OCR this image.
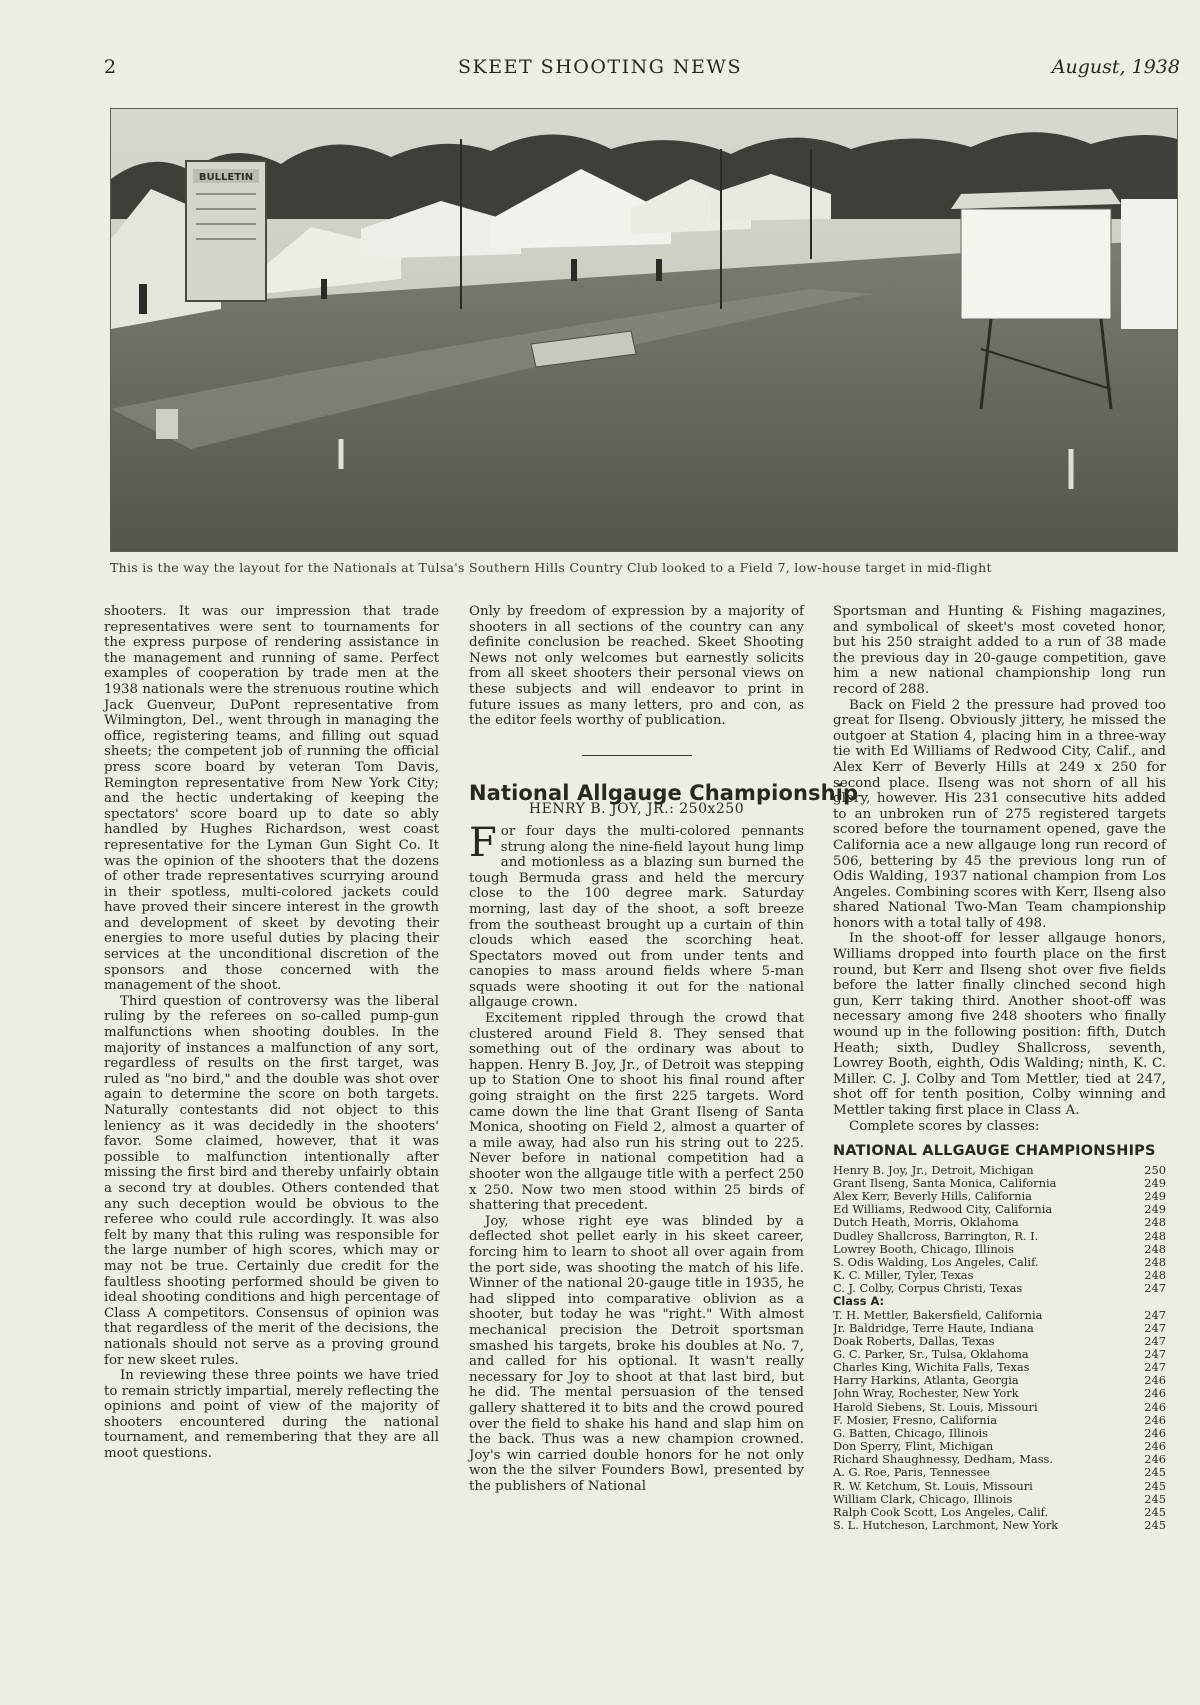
2	SKEET SHOOTING NEWS	August, 1938
BULLETIN
This is the way the layout for the Nationals at Tulsa's Southern Hills Country Club looked to a Field 7, low-house target in mid-flight

shooters. It was our impression that trade representatives were sent to tournaments for the express purpose of rendering assistance in the management and running of same. Perfect examples of cooperation by trade men at the 1938 nationals were the strenuous routine which Jack Guenveur, DuPont representative from Wilmington, Del., went through in managing the office, registering teams, and filling out squad sheets; the competent job of running the official press score board by veteran Tom Davis, Remington representative from New York City; and the hectic undertaking of keeping the spectators' score board up to date so ably handled by Hughes Richardson, west coast representative for the Lyman Gun Sight Co. It was the opinion of the shooters that the dozens of other trade representatives scurrying around in their spotless, multi-colored jackets could have proved their sincere interest in the growth and development of skeet by devoting their energies to more useful duties by placing their services at the unconditional discretion of the sponsors and those concerned with the management of the shoot.

Third question of controversy was the liberal ruling by the referees on so-called pump-gun malfunctions when shooting doubles. In the majority of instances a malfunction of any sort, regardless of results on the first target, was ruled as "no bird," and the double was shot over again to determine the score on both targets. Naturally contestants did not object to this leniency as it was decidedly in the shooters' favor. Some claimed, however, that it was possible to malfunction intentionally after missing the first bird and thereby unfairly obtain a second try at doubles. Others contended that any such deception would be obvious to the referee who could rule accordingly. It was also felt by many that this ruling was responsible for the large number of high scores, which may or may not be true. Certainly due credit for the faultless shooting performed should be given to ideal shooting conditions and high percentage of Class A competitors. Consensus of opinion was that regardless of the merit of the decisions, the nationals should not serve as a proving ground for new skeet rules.

In reviewing these three points we have tried to remain strictly impartial, merely reflecting the opinions and point of view of the majority of shooters encountered during the national tournament, and remembering that they are all moot questions.

Only by freedom of expression by a majority of shooters in all sections of the country can any definite conclusion be reached. Skeet Shooting News not only welcomes but earnestly solicits from all skeet shooters their personal views on these subjects and will endeavor to print in future issues as many letters, pro and con, as the editor feels worthy of publication.

National Allgauge Championship
HENRY B. JOY, JR.: 250x250

For four days the multi-colored pennants strung along the nine-field layout hung limp and motionless as a blazing sun burned the tough Bermuda grass and held the mercury close to the 100 degree mark. Saturday morning, last day of the shoot, a soft breeze from the southeast brought up a curtain of thin clouds which eased the scorching heat. Spectators moved out from under tents and canopies to mass around fields where 5-man squads were shooting it out for the national allgauge crown.

Excitement rippled through the crowd that clustered around Field 8. They sensed that something out of the ordinary was about to happen. Henry B. Joy, Jr., of Detroit was stepping up to Station One to shoot his final round after going straight on the first 225 targets. Word came down the line that Grant Ilseng of Santa Monica, shooting on Field 2, almost a quarter of a mile away, had also run his string out to 225. Never before in national competition had a shooter won the allgauge title with a perfect 250 x 250. Now two men stood within 25 birds of shattering that precedent.

Joy, whose right eye was blinded by a deflected shot pellet early in his skeet career, forcing him to learn to shoot all over again from the port side, was shooting the match of his life. Winner of the national 20-gauge title in 1935, he had slipped into comparative oblivion as a shooter, but today he was "right." With almost mechanical precision the Detroit sportsman smashed his targets, broke his doubles at No. 7, and called for his optional. It wasn't really necessary for Joy to shoot at that last bird, but he did. The mental persuasion of the tensed gallery shattered it to bits and the crowd poured over the field to shake his hand and slap him on the back. Thus was a new champion crowned. Joy's win carried double honors for he not only won the the silver Founders Bowl, presented by the publishers of National

Sportsman and Hunting & Fishing magazines, and symbolical of skeet's most coveted honor, but his 250 straight added to a run of 38 made the previous day in 20-gauge competition, gave him a new national championship long run record of 288.

Back on Field 2 the pressure had proved too great for Ilseng. Obviously jittery, he missed the outgoer at Station 4, placing him in a three-way tie with Ed Williams of Redwood City, Calif., and Alex Kerr of Beverly Hills at 249 x 250 for second place. Ilseng was not shorn of all his glory, however. His 231 consecutive hits added to an unbroken run of 275 registered targets scored before the tournament opened, gave the California ace a new allgauge long run record of 506, bettering by 45 the previous long run of Odis Walding, 1937 national champion from Los Angeles. Combining scores with Kerr, Ilseng also shared National Two-Man Team championship honors with a total tally of 498.

In the shoot-off for lesser allgauge honors, Williams dropped into fourth place on the first round, but Kerr and Ilseng shot over five fields before the latter finally clinched second high gun, Kerr taking third. Another shoot-off was necessary among five 248 shooters who finally wound up in the following position: fifth, Dutch Heath; sixth, Dudley Shallcross, seventh, Lowrey Booth, eighth, Odis Walding; ninth, K. C. Miller. C. J. Colby and Tom Mettler, tied at 247, shot off for tenth position, Colby winning and Mettler taking first place in Class A.

Complete scores by classes:

NATIONAL ALLGAUGE CHAMPIONSHIPS
Henry B. Joy, Jr., Detroit, Michigan	250
Grant Ilseng, Santa Monica, California	249
Alex Kerr, Beverly Hills, California	249
Ed Williams, Redwood City, California	249
Dutch Heath, Morris, Oklahoma	248
Dudley Shallcross, Barrington, R. I.	248
Lowrey Booth, Chicago, Illinois	248
S. Odis Walding, Los Angeles, Calif.	248
K. C. Miller, Tyler, Texas	248
C. J. Colby, Corpus Christi, Texas	247
Class A:
T. H. Mettler, Bakersfield, California	247
Jr. Baldridge, Terre Haute, Indiana	247
Doak Roberts, Dallas, Texas	247
G. C. Parker, Sr., Tulsa, Oklahoma	247
Charles King, Wichita Falls, Texas	247
Harry Harkins, Atlanta, Georgia	246
John Wray, Rochester, New York	246
Harold Siebens, St. Louis, Missouri	246
F. Mosier, Fresno, California	246
G. Batten, Chicago, Illinois	246
Don Sperry, Flint, Michigan	246
Richard Shaughnessy, Dedham, Mass.	246
A. G. Roe, Paris, Tennessee	245
R. W. Ketchum, St. Louis, Missouri	245
William Clark, Chicago, Illinois	245
Ralph Cook Scott, Los Angeles, Calif.	245
S. L. Hutcheson, Larchmont, New York	245
